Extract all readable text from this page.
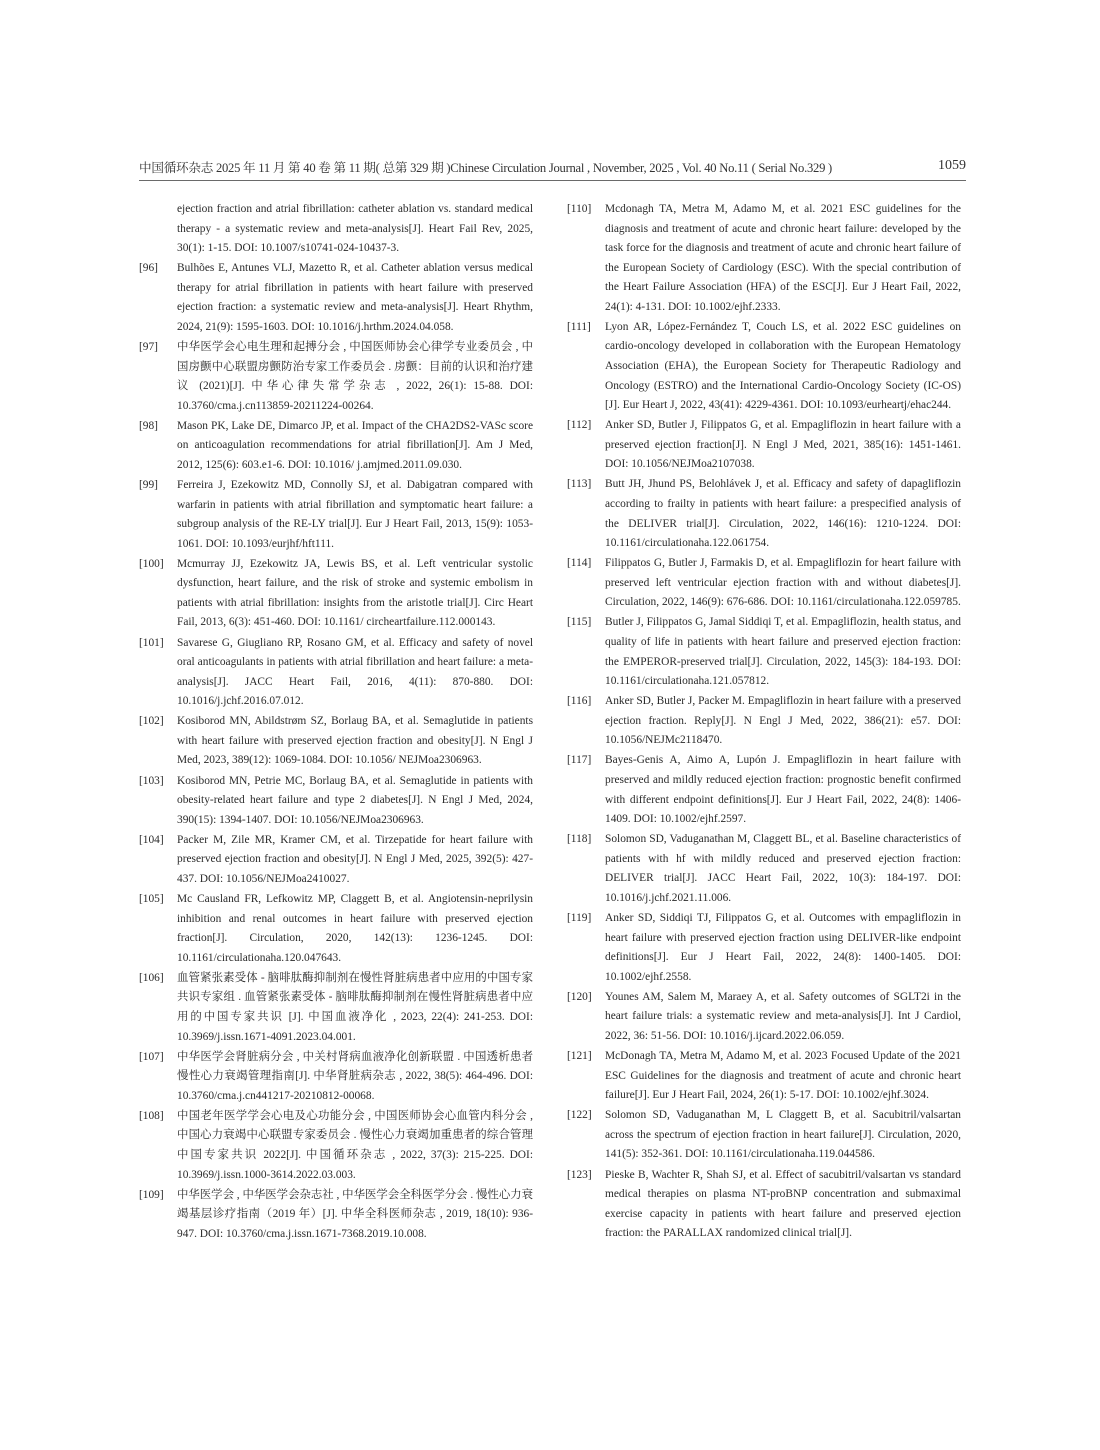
中国循环杂志 2025 年 11 月 第 40 卷 第 11 期( 总第 329 期 )Chinese Circulation Journal , November, 2025 , Vol. 40 No.11 ( Serial No.329 )	1059
ejection fraction and atrial fibrillation: catheter ablation vs. standard medical therapy - a systematic review and meta-analysis[J]. Heart Fail Rev, 2025, 30(1): 1-15. DOI: 10.1007/s10741-024-10437-3.
[96] Bulhões E, Antunes VLJ, Mazetto R, et al. Catheter ablation versus medical therapy for atrial fibrillation in patients with heart failure with preserved ejection fraction: a systematic review and meta-analysis[J]. Heart Rhythm, 2024, 21(9): 1595-1603. DOI: 10.1016/j.hrthm.2024.04.058.
[97] 中华医学会心电生理和起搏分会 , 中国医师协会心律学专业委员会 , 中国房颤中心联盟房颤防治专家工作委员会 . 房颤：目前的认识和治疗建议 (2021)[J]. 中华心律失常学杂志 , 2022, 26(1): 15-88. DOI: 10.3760/cma.j.cn113859-20211224-00264.
[98] Mason PK, Lake DE, Dimarco JP, et al. Impact of the CHA2DS2-VASc score on anticoagulation recommendations for atrial fibrillation[J]. Am J Med, 2012, 125(6): 603.e1-6. DOI: 10.1016/ j.amjmed.2011.09.030.
[99] Ferreira J, Ezekowitz MD, Connolly SJ, et al. Dabigatran compared with warfarin in patients with atrial fibrillation and symptomatic heart failure: a subgroup analysis of the RE-LY trial[J]. Eur J Heart Fail, 2013, 15(9): 1053-1061. DOI: 10.1093/eurjhf/hft111.
[100] Mcmurray JJ, Ezekowitz JA, Lewis BS, et al. Left ventricular systolic dysfunction, heart failure, and the risk of stroke and systemic embolism in patients with atrial fibrillation: insights from the aristotle trial[J]. Circ Heart Fail, 2013, 6(3): 451-460. DOI: 10.1161/ circheartfailure.112.000143.
[101] Savarese G, Giugliano RP, Rosano GM, et al. Efficacy and safety of novel oral anticoagulants in patients with atrial fibrillation and heart failure: a meta-analysis[J]. JACC Heart Fail, 2016, 4(11): 870-880. DOI: 10.1016/j.jchf.2016.07.012.
[102] Kosiborod MN, Abildstrøm SZ, Borlaug BA, et al. Semaglutide in patients with heart failure with preserved ejection fraction and obesity[J]. N Engl J Med, 2023, 389(12): 1069-1084. DOI: 10.1056/ NEJMoa2306963.
[103] Kosiborod MN, Petrie MC, Borlaug BA, et al. Semaglutide in patients with obesity-related heart failure and type 2 diabetes[J]. N Engl J Med, 2024, 390(15): 1394-1407. DOI: 10.1056/NEJMoa2306963.
[104] Packer M, Zile MR, Kramer CM, et al. Tirzepatide for heart failure with preserved ejection fraction and obesity[J]. N Engl J Med, 2025, 392(5): 427-437. DOI: 10.1056/NEJMoa2410027.
[105] Mc Causland FR, Lefkowitz MP, Claggett B, et al. Angiotensin-neprilysin inhibition and renal outcomes in heart failure with preserved ejection fraction[J]. Circulation, 2020, 142(13): 1236-1245. DOI: 10.1161/circulationaha.120.047643.
[106] 血管紧张素受体 - 脑啡肽酶抑制剂在慢性肾脏病患者中应用的中国专家共识专家组 . 血管紧张素受体 - 脑啡肽酶抑制剂在慢性肾脏病患者中应用的中国专家共识 [J]. 中国血液净化 , 2023, 22(4): 241-253. DOI: 10.3969/j.issn.1671-4091.2023.04.001.
[107] 中华医学会肾脏病分会 , 中关村肾病血液净化创新联盟 . 中国透析患者慢性心力衰竭管理指南[J]. 中华肾脏病杂志 , 2022, 38(5): 464-496. DOI: 10.3760/cma.j.cn441217-20210812-00068.
[108] 中国老年医学学会心电及心功能分会 , 中国医师协会心血管内科分会 , 中国心力衰竭中心联盟专家委员会 . 慢性心力衰竭加重患者的综合管理中国专家共识 2022[J]. 中国循环杂志 , 2022, 37(3): 215-225. DOI: 10.3969/j.issn.1000-3614.2022.03.003.
[109] 中华医学会 , 中华医学会杂志社 , 中华医学会全科医学分会 . 慢性心力衰竭基层诊疗指南（2019 年）[J]. 中华全科医师杂志 , 2019, 18(10): 936-947. DOI: 10.3760/cma.j.issn.1671-7368.2019.10.008.
[110] Mcdonagh TA, Metra M, Adamo M, et al. 2021 ESC guidelines for the diagnosis and treatment of acute and chronic heart failure: developed by the task force for the diagnosis and treatment of acute and chronic heart failure of the European Society of Cardiology (ESC). With the special contribution of the Heart Failure Association (HFA) of the ESC[J]. Eur J Heart Fail, 2022, 24(1): 4-131. DOI: 10.1002/ejhf.2333.
[111] Lyon AR, López-Fernández T, Couch LS, et al. 2022 ESC guidelines on cardio-oncology developed in collaboration with the European Hematology Association (EHA), the European Society for Therapeutic Radiology and Oncology (ESTRO) and the International Cardio-Oncology Society (IC-OS)[J]. Eur Heart J, 2022, 43(41): 4229-4361. DOI: 10.1093/eurheartj/ehac244.
[112] Anker SD, Butler J, Filippatos G, et al. Empagliflozin in heart failure with a preserved ejection fraction[J]. N Engl J Med, 2021, 385(16): 1451-1461. DOI: 10.1056/NEJMoa2107038.
[113] Butt JH, Jhund PS, Belohlávek J, et al. Efficacy and safety of dapagliflozin according to frailty in patients with heart failure: a prespecified analysis of the DELIVER trial[J]. Circulation, 2022, 146(16): 1210-1224. DOI: 10.1161/circulationaha.122.061754.
[114] Filippatos G, Butler J, Farmakis D, et al. Empagliflozin for heart failure with preserved left ventricular ejection fraction with and without diabetes[J]. Circulation, 2022, 146(9): 676-686. DOI: 10.1161/circulationaha.122.059785.
[115] Butler J, Filippatos G, Jamal Siddiqi T, et al. Empagliflozin, health status, and quality of life in patients with heart failure and preserved ejection fraction: the EMPEROR-preserved trial[J]. Circulation, 2022, 145(3): 184-193. DOI: 10.1161/circulationaha.121.057812.
[116] Anker SD, Butler J, Packer M. Empagliflozin in heart failure with a preserved ejection fraction. Reply[J]. N Engl J Med, 2022, 386(21): e57. DOI: 10.1056/NEJMc2118470.
[117] Bayes-Genis A, Aimo A, Lupón J. Empagliflozin in heart failure with preserved and mildly reduced ejection fraction: prognostic benefit confirmed with different endpoint definitions[J]. Eur J Heart Fail, 2022, 24(8): 1406-1409. DOI: 10.1002/ejhf.2597.
[118] Solomon SD, Vaduganathan M, Claggett BL, et al. Baseline characteristics of patients with hf with mildly reduced and preserved ejection fraction: DELIVER trial[J]. JACC Heart Fail, 2022, 10(3): 184-197. DOI: 10.1016/j.jchf.2021.11.006.
[119] Anker SD, Siddiqi TJ, Filippatos G, et al. Outcomes with empagliflozin in heart failure with preserved ejection fraction using DELIVER-like endpoint definitions[J]. Eur J Heart Fail, 2022, 24(8): 1400-1405. DOI: 10.1002/ejhf.2558.
[120] Younes AM, Salem M, Maraey A, et al. Safety outcomes of SGLT2i in the heart failure trials: a systematic review and meta-analysis[J]. Int J Cardiol, 2022, 36: 51-56. DOI: 10.1016/j.ijcard.2022.06.059.
[121] McDonagh TA, Metra M, Adamo M, et al. 2023 Focused Update of the 2021 ESC Guidelines for the diagnosis and treatment of acute and chronic heart failure[J]. Eur J Heart Fail, 2024, 26(1): 5-17. DOI: 10.1002/ejhf.3024.
[122] Solomon SD, Vaduganathan M, L Claggett B, et al. Sacubitril/valsartan across the spectrum of ejection fraction in heart failure[J]. Circulation, 2020, 141(5): 352-361. DOI: 10.1161/circulationaha.119.044586.
[123] Pieske B, Wachter R, Shah SJ, et al. Effect of sacubitril/valsartan vs standard medical therapies on plasma NT-proBNP concentration and submaximal exercise capacity in patients with heart failure and preserved ejection fraction: the PARALLAX randomized clinical trial[J].
